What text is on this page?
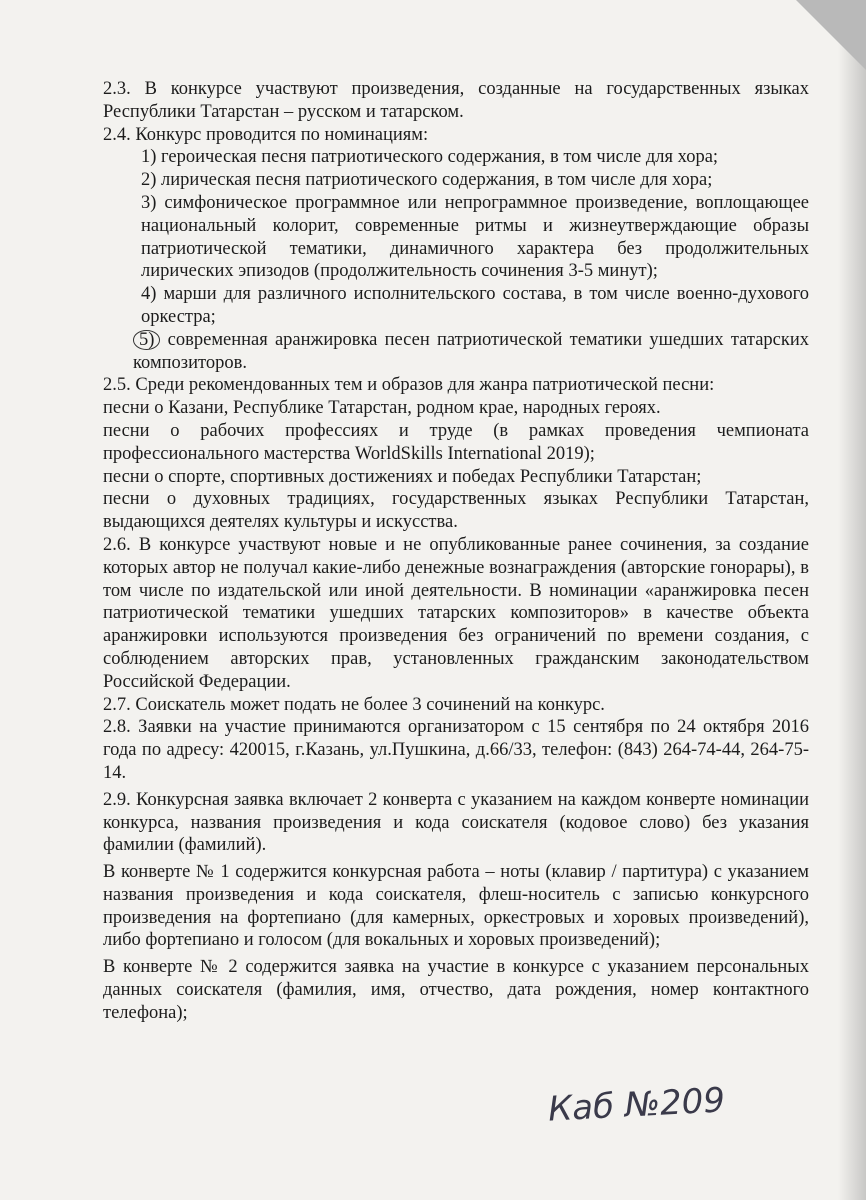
2.3. В конкурсе участвуют произведения, созданные на государственных языках Республики Татарстан – русском и татарском.

2.4. Конкурс проводится по номинациям:

1) героическая песня патриотического содержания, в том числе для хора;

2) лирическая песня патриотического содержания, в том числе для хора;

3) симфоническое программное или непрограммное произведение, воплощающее национальный колорит, современные ритмы и жизнеутверждающие образы патриотической тематики, динамичного характера без продолжительных лирических эпизодов (продолжительность сочинения 3-5 минут);

4) марши для различного исполнительского состава, в том числе военно-духового оркестра;

5) современная аранжировка песен патриотической тематики ушедших татарских композиторов.

2.5. Среди рекомендованных тем и образов для жанра патриотической песни:

песни о Казани, Республике Татарстан, родном крае, народных героях.

песни о рабочих профессиях и труде (в рамках проведения чемпионата профессионального мастерства WorldSkills International 2019);

песни о спорте, спортивных достижениях и победах Республики Татарстан;

песни о духовных традициях, государственных языках Республики Татарстан, выдающихся деятелях культуры и искусства.

2.6. В конкурсе участвуют новые и не опубликованные ранее сочинения, за создание которых автор не получал какие-либо денежные вознаграждения (авторские гонорары), в том числе по издательской или иной деятельности. В номинации «аранжировка песен патриотической тематики ушедших татарских композиторов» в качестве объекта аранжировки используются произведения без ограничений по времени создания, с соблюдением авторских прав, установленных гражданским законодательством Российской Федерации.

2.7. Соискатель может подать не более 3 сочинений на конкурс.

2.8. Заявки на участие принимаются организатором с 15 сентября по 24 октября 2016 года по адресу: 420015, г.Казань, ул.Пушкина, д.66/33, телефон: (843) 264-74-44, 264-75-14.

2.9. Конкурсная заявка включает 2 конверта с указанием на каждом конверте номинации конкурса, названия произведения и кода соискателя (кодовое слово) без указания фамилии (фамилий).

В конверте № 1 содержится конкурсная работа – ноты (клавир / партитура) с указанием названия произведения и кода соискателя, флеш-носитель с записью конкурсного произведения на фортепиано (для камерных, оркестровых и хоровых произведений), либо фортепиано и голосом (для вокальных и хоровых произведений);

В конверте № 2 содержится заявка на участие в конкурсе с указанием персональных данных соискателя (фамилия, имя, отчество, дата рождения, номер контактного телефона);

Каб №209
